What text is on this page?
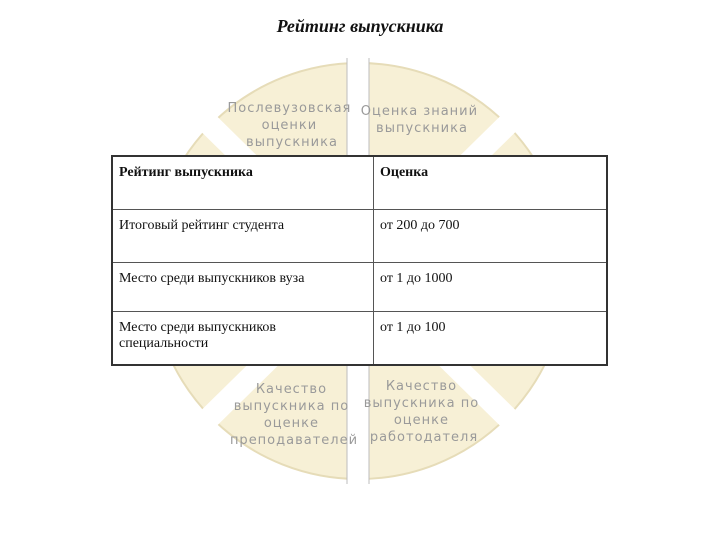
Рейтинг выпускника
Послевузовская оценки выпускника
Оценка знаний выпускника
Качество выпускника по оценке преподавателей
Качество выпускника по оценке работодателя
Рейтинг выпускника	Оценка
Итоговый рейтинг студента	от 200 до 700
Место среди выпускников вуза	от 1 до 1000
Место среди выпускников специальности	от 1 до 100
